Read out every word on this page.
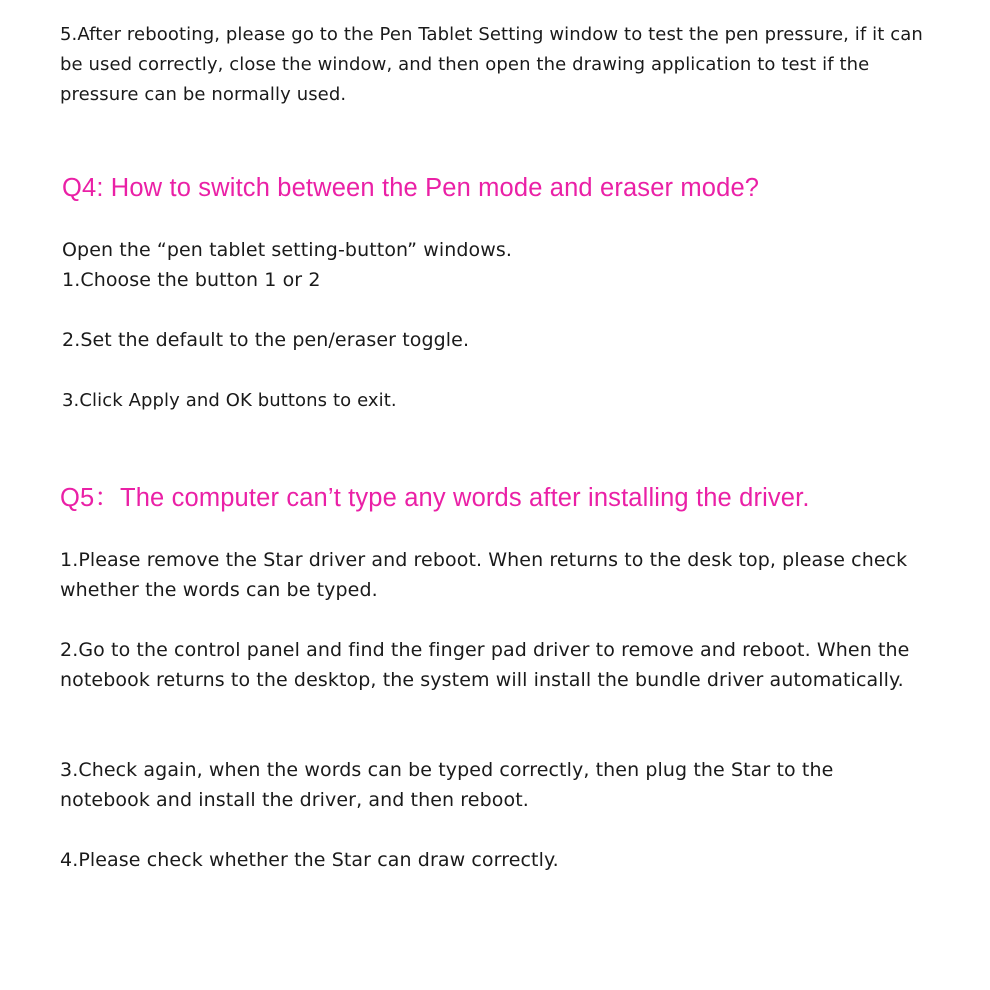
5.After rebooting, please go to the Pen Tablet Setting window to test the pen pressure, if it can be used correctly, close the window, and then open the drawing application to test if the pressure can be normally used.

Q4: How to switch between the Pen mode and eraser mode?

Open the “pen tablet setting-button” windows.

1.Choose the button 1 or 2

2.Set the default to the pen/eraser toggle.

3.Click Apply and OK buttons to exit.

Q5：The computer can’t type any words after installing the driver.

1.Please remove the Star driver and reboot. When returns to the desk top, please check whether the words can be typed.

2.Go to the control panel and find the finger pad driver to remove and reboot. When the notebook returns to the desktop, the system will install the bundle driver automatically.

3.Check again, when the words can be typed correctly, then plug the Star to the notebook and install the driver, and then reboot.

4.Please check whether the Star can draw correctly.
